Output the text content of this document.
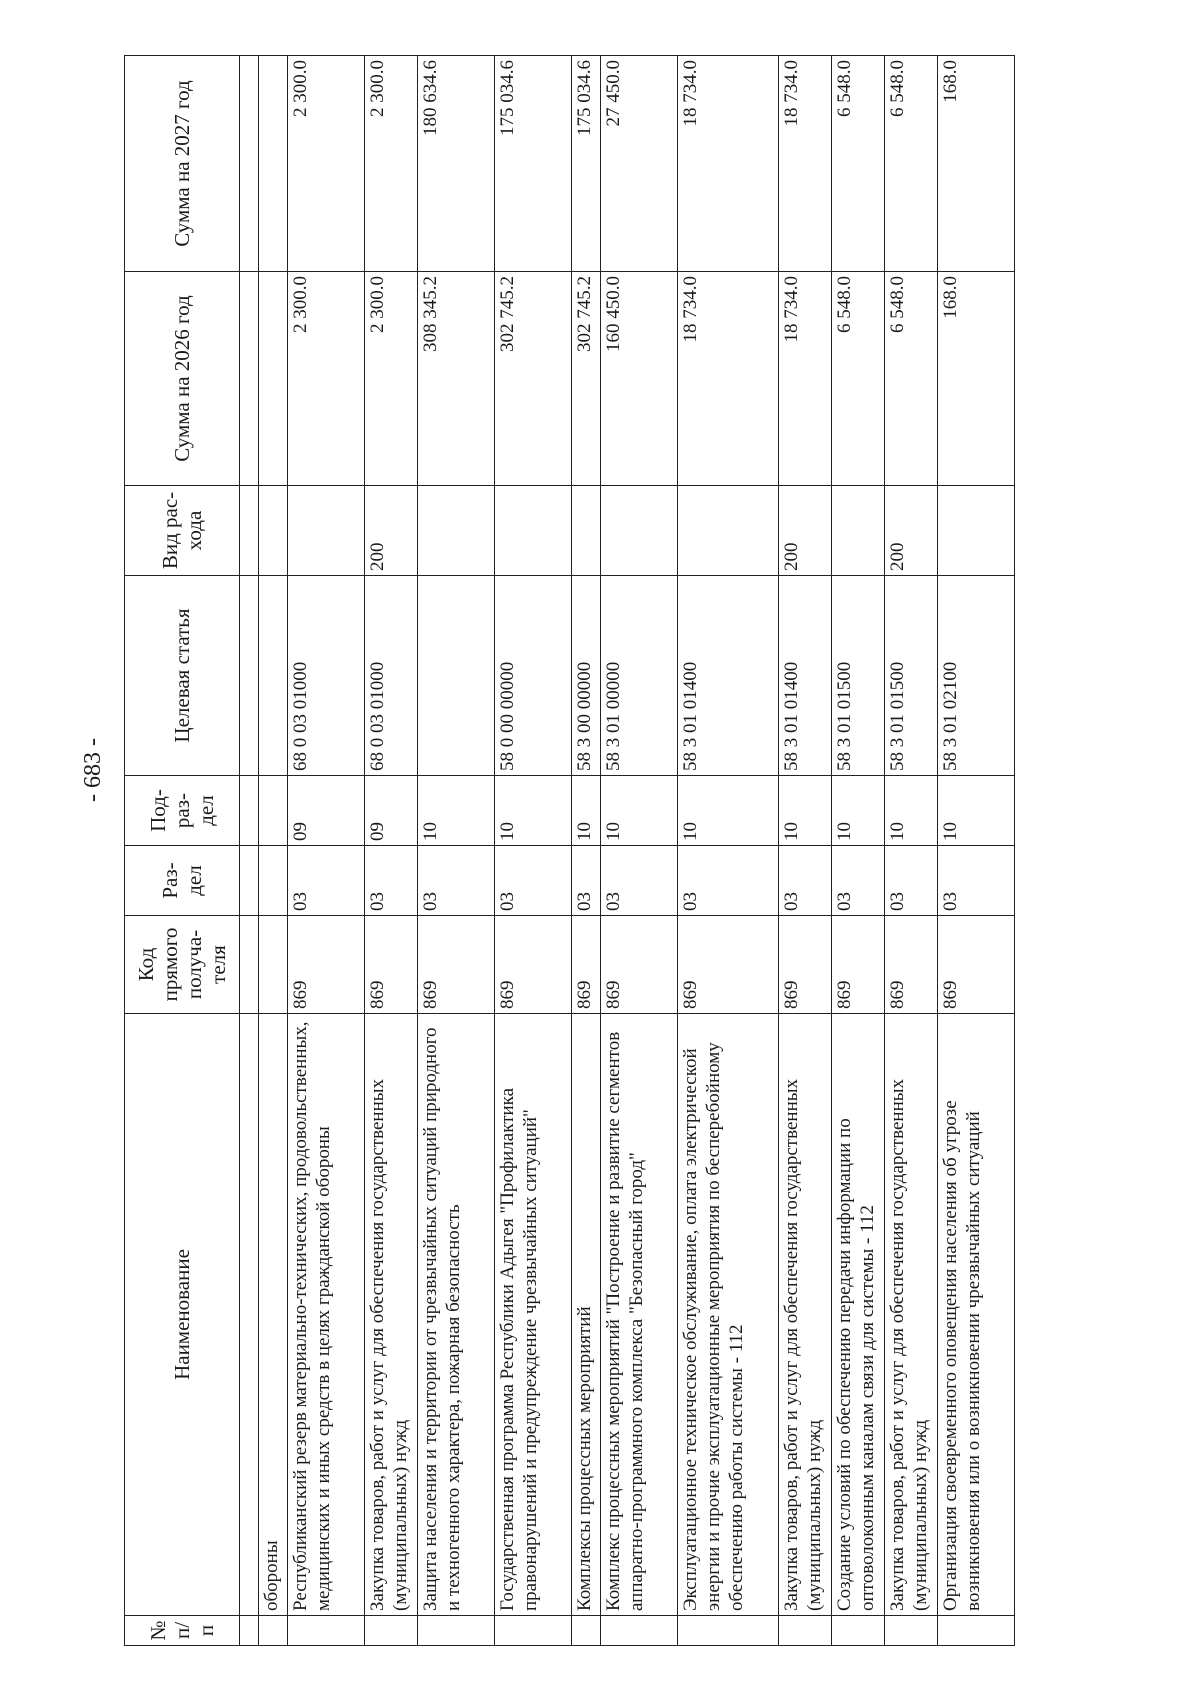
- 683 -
№ п/п	Наименование	Код прямого получа-теля	Раз-дел	Под-раз-дел	Целевая статья	Вид рас-хода	Сумма на 2026 год	Сумма на 2027 год

	обороны							
	Республиканский резерв материально-технических, продовольственных, медицинских и иных средств в целях гражданской обороны	869	03	09	68 0 03 01000		2 300.0	2 300.0
	Закупка товаров, работ и услуг для обеспечения государственных (муниципальных) нужд	869	03	09	68 0 03 01000	200	2 300.0	2 300.0
	Защита населения и территории от чрезвычайных ситуаций природного и техногенного характера, пожарная безопасность	869	03	10			308 345.2	180 634.6
	Государственная программа Республики Адыгея "Профилактика правонарушений и предупреждение чрезвычайных ситуаций"	869	03	10	58 0 00 00000		302 745.2	175 034.6
	Комплексы процессных мероприятий	869	03	10	58 3 00 00000		302 745.2	175 034.6
	Комплекс процессных мероприятий "Построение и развитие сегментов аппаратно-программного комплекса "Безопасный город"	869	03	10	58 3 01 00000		160 450.0	27 450.0
	Эксплуатационное техническое обслуживание, оплата электрической энергии и прочие эксплуатационные мероприятия по бесперебойному обеспечению работы системы - 112	869	03	10	58 3 01 01400		18 734.0	18 734.0
	Закупка товаров, работ и услуг для обеспечения государственных (муниципальных) нужд	869	03	10	58 3 01 01400	200	18 734.0	18 734.0
	Создание условий по обеспечению передачи информации по оптоволоконным каналам связи для системы - 112	869	03	10	58 3 01 01500		6 548.0	6 548.0
	Закупка товаров, работ и услуг для обеспечения государственных (муниципальных) нужд	869	03	10	58 3 01 01500	200	6 548.0	6 548.0
	Организация своевременного оповещения населения об угрозе возникновения или о возникновении чрезвычайных ситуаций	869	03	10	58 3 01 02100		168.0	168.0
